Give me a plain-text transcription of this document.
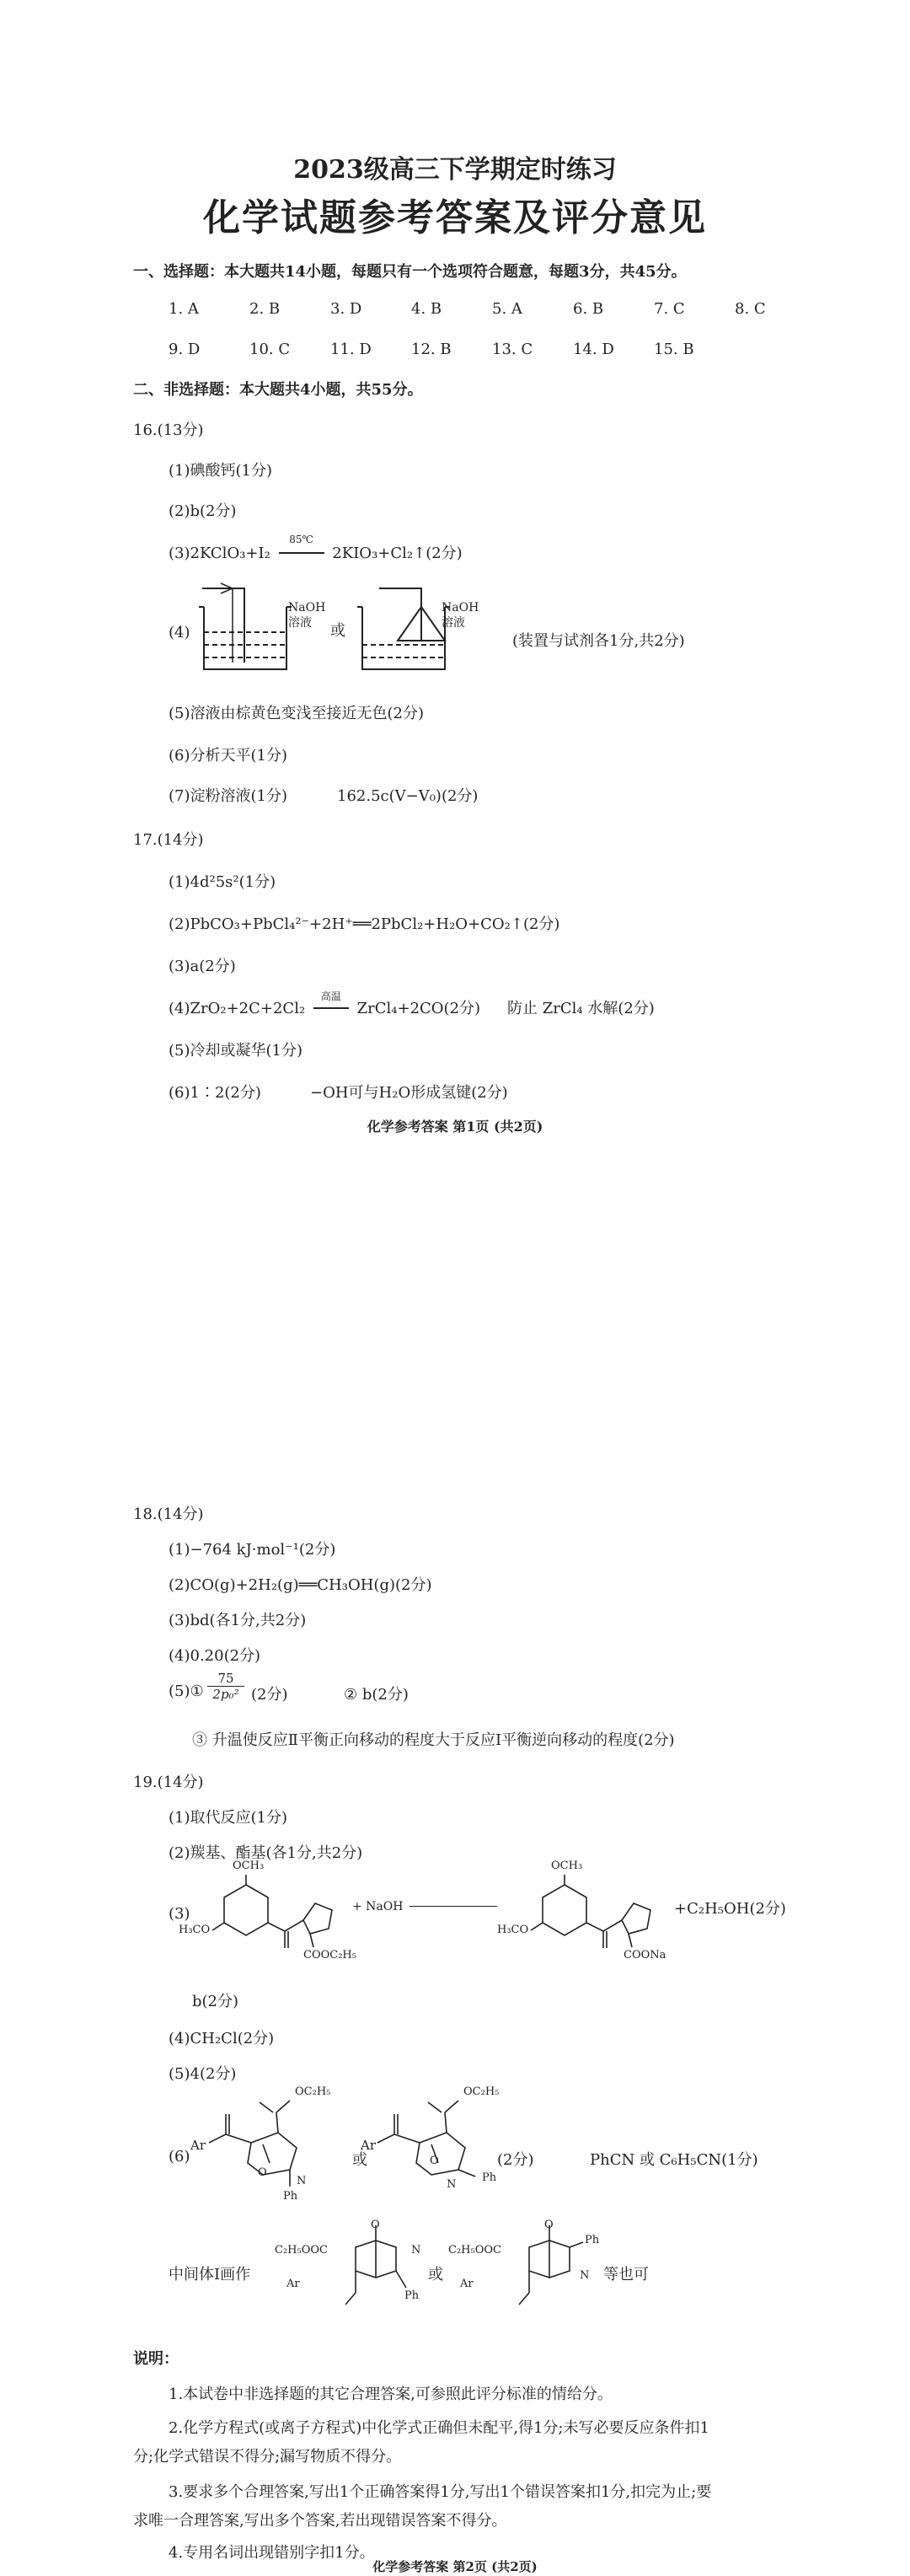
2023级高三下学期定时练习
化学试题参考答案及评分意见
一、选择题：本大题共14小题，每题只有一个选项符合题意，每题3分，共45分。
1. A	2. B	3. D	4. B	5. A	6. B	7. C	8. C
9. D	10. C	11. D	12. B	13. C	14. D	15. B
二、非选择题：本大题共4小题，共55分。
16.(13分)
(1)碘酸钙(1分)
(2)b(2分)
(3)2KClO₃+I₂
85℃
2KIO₃+Cl₂↑(2分)
(4)
NaOH
溶液	或
NaOH
溶液
(装置与试剂各1分,共2分)
(5)溶液由棕黄色变浅至接近无色(2分)
(6)分析天平(1分)
(7)淀粉溶液(1分)	162.5c(V−V₀)(2分)
17.(14分)
(1)4d²5s²(1分)
(2)PbCO₃+PbCl₄²⁻+2H⁺══2PbCl₂+H₂O+CO₂↑(2分)
(3)a(2分)
(4)ZrO₂+2C+2Cl₂
高温
ZrCl₄+2CO(2分) 防止 ZrCl₄ 水解(2分)
(5)冷却或凝华(1分)
(6)1∶2(2分)	−OH可与H₂O形成氢键(2分)
化学参考答案 第1页 (共2页)
18.(14分)
(1)−764 kJ·mol⁻¹(2分)
(2)CO(g)+2H₂(g)══CH₃OH(g)(2分)
(3)bd(各1分,共2分)
(4)0.20(2分)
(5)①
75
2p₀² (2分)	② b(2分)
③ 升温使反应Ⅱ平衡正向移动的程度大于反应Ⅰ平衡逆向移动的程度(2分)
19.(14分)
(1)取代反应(1分)
(2)羰基、酯基(各1分,共2分)
(3)
OCH₃
H₃CO
COOC₂H₅
+ NaOH
OCH₃
H₃CO
COONa
+C₂H₅OH(2分)
b(2分)
(4)CH₂Cl(2分)
(5)4(2分)
(6)
Ar
OC₂H₅
O
N
Ph
或
Ar
OC₂H₅
O
N
Ph
(2分)	PhCN 或 C₆H₅CN(1分)
中间体Ⅰ画作
C₂H₅OOC
Ar
O
N
Ph
或
C₂H₅OOC
Ar
O
N
Ph
等也可
说明：
1.本试卷中非选择题的其它合理答案,可参照此评分标准的情给分。
2.化学方程式(或离子方程式)中化学式正确但未配平,得1分;未写必要反应条件扣1
分;化学式错误不得分;漏写物质不得分。
3.要求多个合理答案,写出1个正确答案得1分,写出1个错误答案扣1分,扣完为止;要
求唯一合理答案,写出多个答案,若出现错误答案不得分。
4.专用名词出现错别字扣1分。
化学参考答案 第2页 (共2页)
